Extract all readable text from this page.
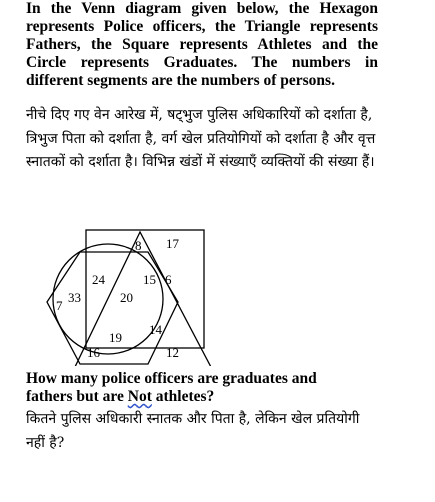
In the Venn diagram given below, the Hexagon represents Police officers, the Triangle represents Fathers, the Square represents Athletes and the Circle represents Graduates. The numbers in different segments are the numbers of persons.

नीचे दिए गए वेन आरेख में, षट्भुज पुलिस अधिकारियों को दर्शाता है, त्रिभुज पिता को दर्शाता है, वर्ग खेल प्रतियोगियों को दर्शाता है और वृत्त स्नातकों को दर्शाता है। विभिन्न खंडों में संख्याएँ व्यक्तियों की संख्या हैं।

7
33
24
20
8 17
15 6
19
14
16	12
How many police officers are graduates and
fathers but are Not athletes?

कितने पुलिस अधिकारी स्नातक और पिता है, लेकिन खेल प्रतियोगी नहीं है?
